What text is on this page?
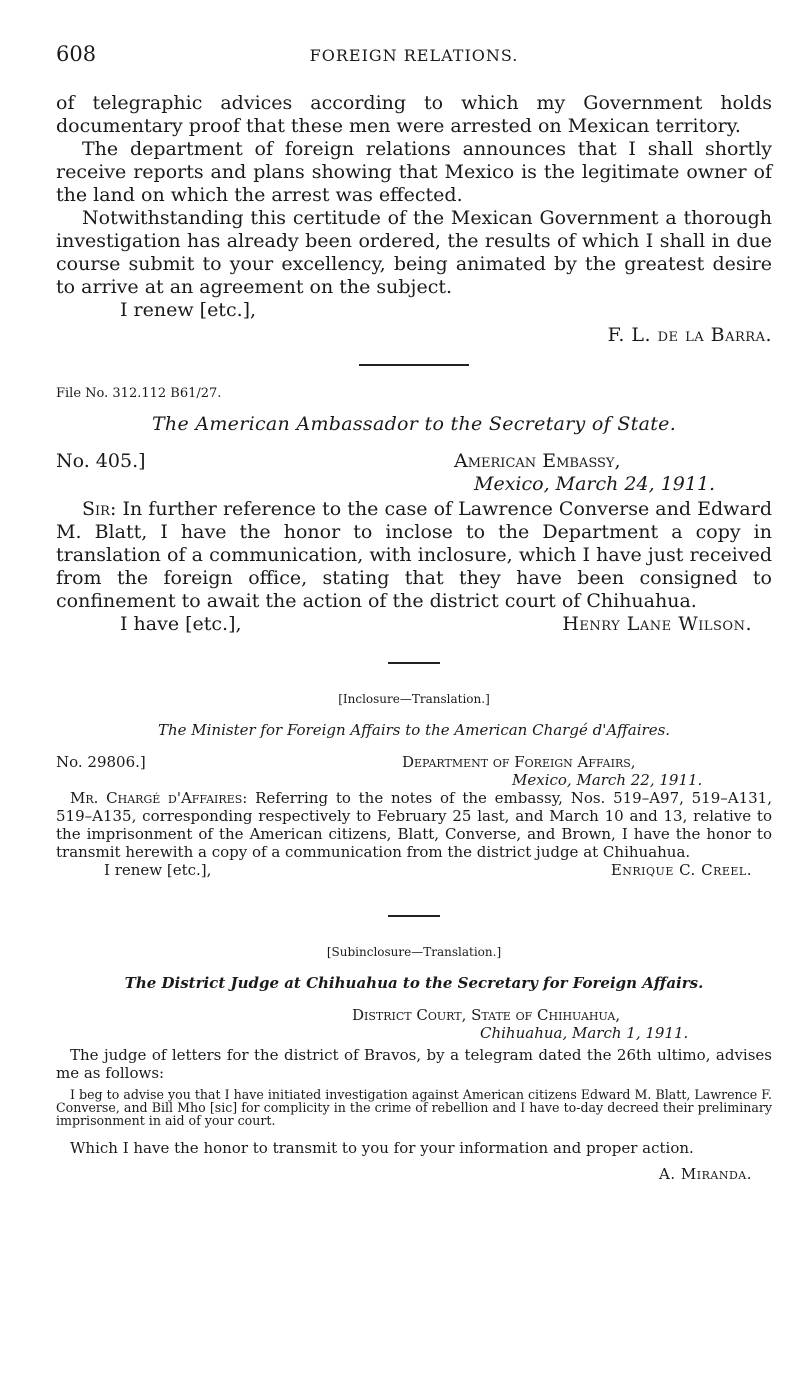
608	FOREIGN RELATIONS.

of telegraphic advices according to which my Government holds documentary proof that these men were arrested on Mexican territory.

The department of foreign relations announces that I shall shortly receive reports and plans showing that Mexico is the legitimate owner of the land on which the arrest was effected.

Notwithstanding this certitude of the Mexican Government a thorough investigation has already been ordered, the results of which I shall in due course submit to your excellency, being animated by the greatest desire to arrive at an agreement on the subject.

I renew [etc.],
F. L. de la Barra.
File No. 312.112 B61/27.
The American Ambassador to the Secretary of State.
No. 405.]	American Embassy,
Mexico, March 24, 1911.

Sir: In further reference to the case of Lawrence Converse and Edward M. Blatt, I have the honor to inclose to the Department a copy in translation of a communication, with inclosure, which I have just received from the foreign office, stating that they have been consigned to confinement to await the action of the district court of Chihuahua.

I have [etc.],	Henry Lane Wilson.
[Inclosure—Translation.]
The Minister for Foreign Affairs to the American Chargé d'Affaires.
No. 29806.]	Department of Foreign Affairs,
Mexico, March 22, 1911.

Mr. Chargé d'Affaires: Referring to the notes of the embassy, Nos. 519–A97, 519–A131, 519–A135, corresponding respectively to February 25 last, and March 10 and 13, relative to the imprisonment of the American citizens, Blatt, Converse, and Brown, I have the honor to transmit herewith a copy of a communication from the district judge at Chihuahua.

I renew [etc.],	Enrique C. Creel.
[Subinclosure—Translation.]
The District Judge at Chihuahua to the Secretary for Foreign Affairs.
District Court, State of Chihuahua,
Chihuahua, March 1, 1911.

The judge of letters for the district of Bravos, by a telegram dated the 26th ultimo, advises me as follows:

I beg to advise you that I have initiated investigation against American citizens Edward M. Blatt, Lawrence F. Converse, and Bill Mho [sic] for complicity in the crime of rebellion and I have to-day decreed their preliminary imprisonment in aid of your court.

Which I have the honor to transmit to you for your information and proper action.

A. Miranda.
